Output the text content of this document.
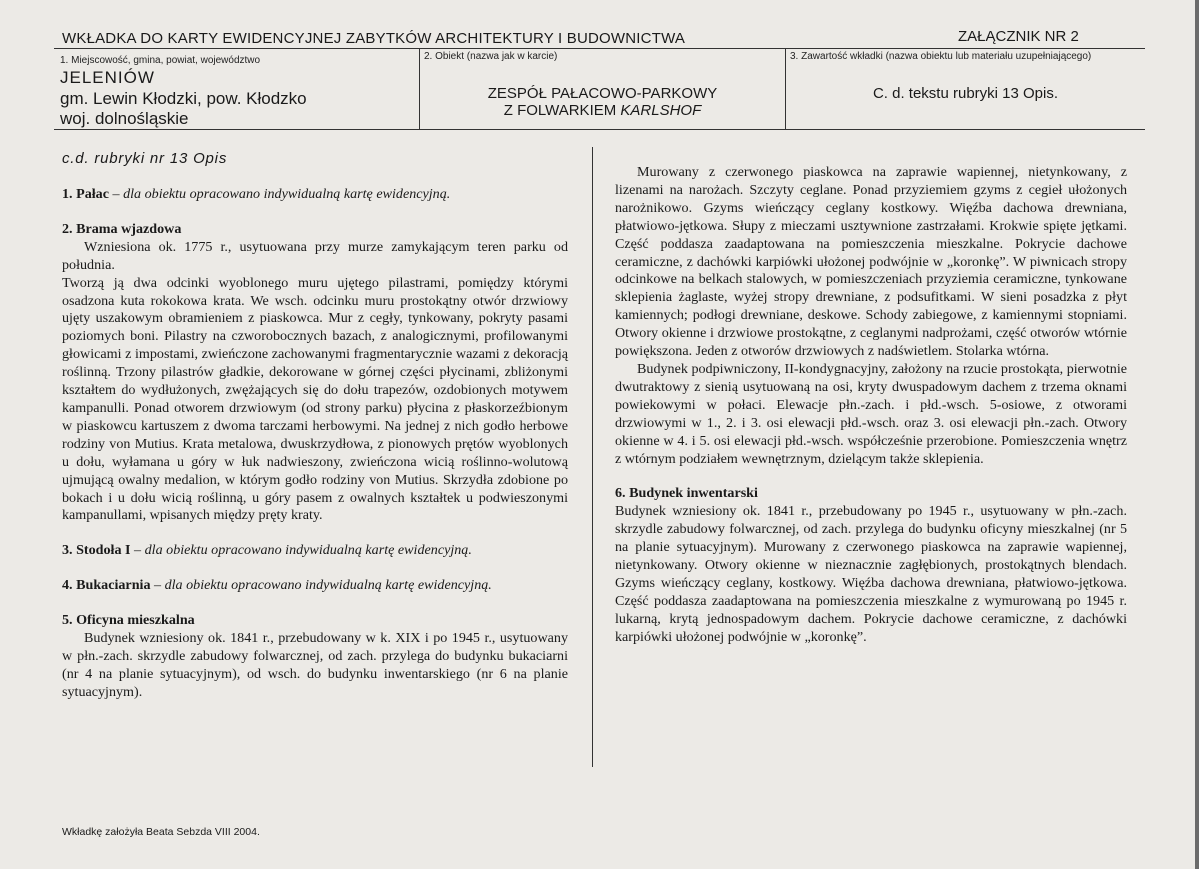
WKŁADKA DO KARTY EWIDENCYJNEJ ZABYTKÓW ARCHITEKTURY I BUDOWNICTWA	ZAŁĄCZNIK NR 2
1. Miejscowość, gmina, powiat, województwo
JELENIÓW
gm. Lewin Kłodzki, pow. Kłodzko
woj. dolnośląskie
2. Obiekt (nazwa jak w karcie)
ZESPÓŁ PAŁACOWO-PARKOWY
Z FOLWARKIEM KARLSHOF
3. Zawartość wkładki (nazwa obiektu lub materiału uzupełniającego)
C. d. tekstu rubryki 13 Opis.
c.d. rubryki nr 13 Opis

1. Pałac – dla obiektu opracowano indywidualną kartę ewidencyjną.

2. Brama wjazdowa

Wzniesiona ok. 1775 r., usytuowana przy murze zamykającym teren parku od południa.

Tworzą ją dwa odcinki wyoblonego muru ujętego pilastrami, pomiędzy którymi osadzona kuta rokokowa krata. We wsch. odcinku muru prostokątny otwór drzwiowy ujęty uszakowym obramieniem z piaskowca. Mur z cegły, tynkowany, pokryty pasami poziomych boni. Pilastry na czworobocznych bazach, z analogicznymi, profilowanymi głowicami z impostami, zwieńczone zachowanymi fragmentarycznie wazami z dekoracją roślinną. Trzony pilastrów gładkie, dekorowane w górnej części płycinami, zbliżonymi kształtem do wydłużonych, zwężających się do dołu trapezów, ozdobionych motywem kampanulli. Ponad otworem drzwiowym (od strony parku) płycina z płaskorzeźbionym w piaskowcu kartuszem z dwoma tarczami herbowymi. Na jednej z nich godło herbowe rodziny von Mutius. Krata metalowa, dwuskrzydłowa, z pionowych prętów wyoblonych u dołu, wyłamana u góry w łuk nadwieszony, zwieńczona wicią roślinno-wolutową ujmującą owalny medalion, w którym godło rodziny von Mutius. Skrzydła zdobione po bokach i u dołu wicią roślinną, u góry pasem z owalnych kształtek u podwieszonymi kampanullami, wpisanych między pręty kraty.

3. Stodoła I – dla obiektu opracowano indywidualną kartę ewidencyjną.

4. Bukaciarnia – dla obiektu opracowano indywidualną kartę ewidencyjną.

5. Oficyna mieszkalna

Budynek wzniesiony ok. 1841 r., przebudowany w k. XIX i po 1945 r., usytuowany w płn.-zach. skrzydle zabudowy folwarcznej, od zach. przylega do budynku bukaciarni (nr 4 na planie sytuacyjnym), od wsch. do budynku inwentarskiego (nr 6 na planie sytuacyjnym).

Murowany z czerwonego piaskowca na zaprawie wapiennej, nietynkowany, z lizenami na narożach. Szczyty ceglane. Ponad przyziemiem gzyms z cegieł ułożonych narożnikowo. Gzyms wieńczący ceglany kostkowy. Więźba dachowa drewniana, płatwiowo-jętkowa. Słupy z mieczami usztywnione zastrzałami. Krokwie spięte jętkami. Część poddasza zaadaptowana na pomieszczenia mieszkalne. Pokrycie dachowe ceramiczne, z dachówki karpiówki ułożonej podwójnie w „koronkę”. W piwnicach stropy odcinkowe na belkach stalowych, w pomieszczeniach przyziemia ceramiczne, tynkowane sklepienia żaglaste, wyżej stropy drewniane, z podsufitkami. W sieni posadzka z płyt kamiennych; podłogi drewniane, deskowe. Schody zabiegowe, z kamiennymi stopniami. Otwory okienne i drzwiowe prostokątne, z ceglanymi nadprożami, część otworów wtórnie powiększona. Jeden z otworów drzwiowych z nadświetlem. Stolarka wtórna.

Budynek podpiwniczony, II-kondygnacyjny, założony na rzucie prostokąta, pierwotnie dwutraktowy z sienią usytuowaną na osi, kryty dwuspadowym dachem z trzema oknami powiekowymi w połaci. Elewacje płn.-zach. i płd.-wsch. 5-osiowe, z otworami drzwiowymi w 1., 2. i 3. osi elewacji płd.-wsch. oraz 3. osi elewacji płn.-zach. Otwory okienne w 4. i 5. osi elewacji płd.-wsch. współcześnie przerobione. Pomieszczenia wnętrz z wtórnym podziałem wewnętrznym, dzielącym także sklepienia.

6. Budynek inwentarski

Budynek wzniesiony ok. 1841 r., przebudowany po 1945 r., usytuowany w płn.-zach. skrzydle zabudowy folwarcznej, od zach. przylega do budynku oficyny mieszkalnej (nr 5 na planie sytuacyjnym). Murowany z czerwonego piaskowca na zaprawie wapiennej, nietynkowany. Otwory okienne w nieznacznie zagłębionych, prostokątnych blendach. Gzyms wieńczący ceglany, kostkowy. Więźba dachowa drewniana, płatwiowo-jętkowa. Część poddasza zaadaptowana na pomieszczenia mieszkalne z wymurowaną po 1945 r. lukarną, krytą jednospadowym dachem. Pokrycie dachowe ceramiczne, z dachówki karpiówki ułożonej podwójnie w „koronkę”.

Wkładkę założyła Beata Sebzda VIII 2004.
